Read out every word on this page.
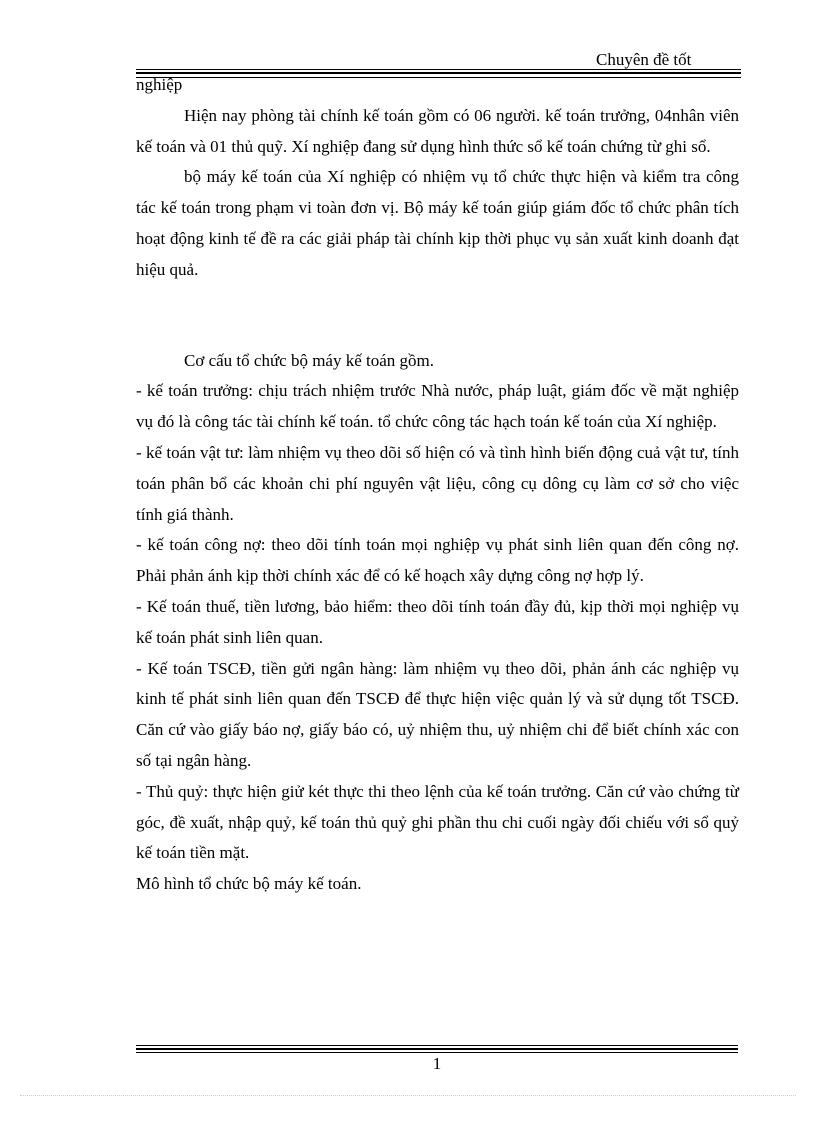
Chuyên đề tốt

nghiệp

Hiện nay phòng tài chính kế toán gồm có 06 người. kế toán trưởng, 04nhân viên kế toán và 01 thủ quỹ. Xí nghiệp đang sử dụng hình thức sổ kế toán chứng từ ghi sổ.

bộ máy kế toán của Xí nghiệp có nhiệm vụ tổ chức thực hiện và kiểm tra công tác kế toán trong phạm vi toàn đơn vị. Bộ máy kế toán giúp giám đốc tổ chức phân tích hoạt động kinh tế đề ra các giải pháp tài chính kịp thời phục vụ sản xuất kinh doanh đạt hiệu quả.

Cơ cấu tổ chức bộ máy kế toán gồm.

- kế toán trưởng: chịu trách nhiệm trước Nhà nước, pháp luật, giám đốc về mặt nghiệp vụ đó là công tác tài chính kế toán. tổ chức công tác hạch toán kế toán của Xí nghiệp.

- kế toán vật tư: làm nhiệm vụ theo dõi số hiện có và tình hình biến động cuả vật tư, tính toán phân bổ các khoản chi phí nguyên vật liệu, công cụ dông cụ làm cơ sở cho việc tính giá thành.

- kế toán công nợ: theo dõi tính toán mọi nghiệp vụ phát sinh liên quan đến công nợ. Phải phản ánh kịp thời chính xác để có kế hoạch xây dựng công nợ hợp lý.

- Kế toán thuế, tiền lương, bảo hiểm: theo dõi tính toán đầy đủ, kịp thời mọi nghiệp vụ kế toán phát sinh liên quan.

- Kế toán TSCĐ, tiền gửi ngân hàng: làm nhiệm vụ theo dõi, phản ánh các nghiệp vụ kinh tế phát sinh liên quan đến TSCĐ để thực hiện việc quản lý và sử dụng tốt TSCĐ. Căn cứ vào giấy báo nợ, giấy báo có, uỷ nhiệm thu, uỷ nhiệm chi để biết chính xác con số tại ngân hàng.

- Thủ quỷ: thực hiện giử két thực thi theo lệnh của kế toán trưởng. Căn cứ vào chứng từ góc, đề xuất, nhập quỷ, kế toán thủ quỷ ghi phần thu chi cuối ngày đối chiếu với sổ quỷ kế toán tiền mặt.

Mô hình tổ chức bộ máy kế toán.

1
